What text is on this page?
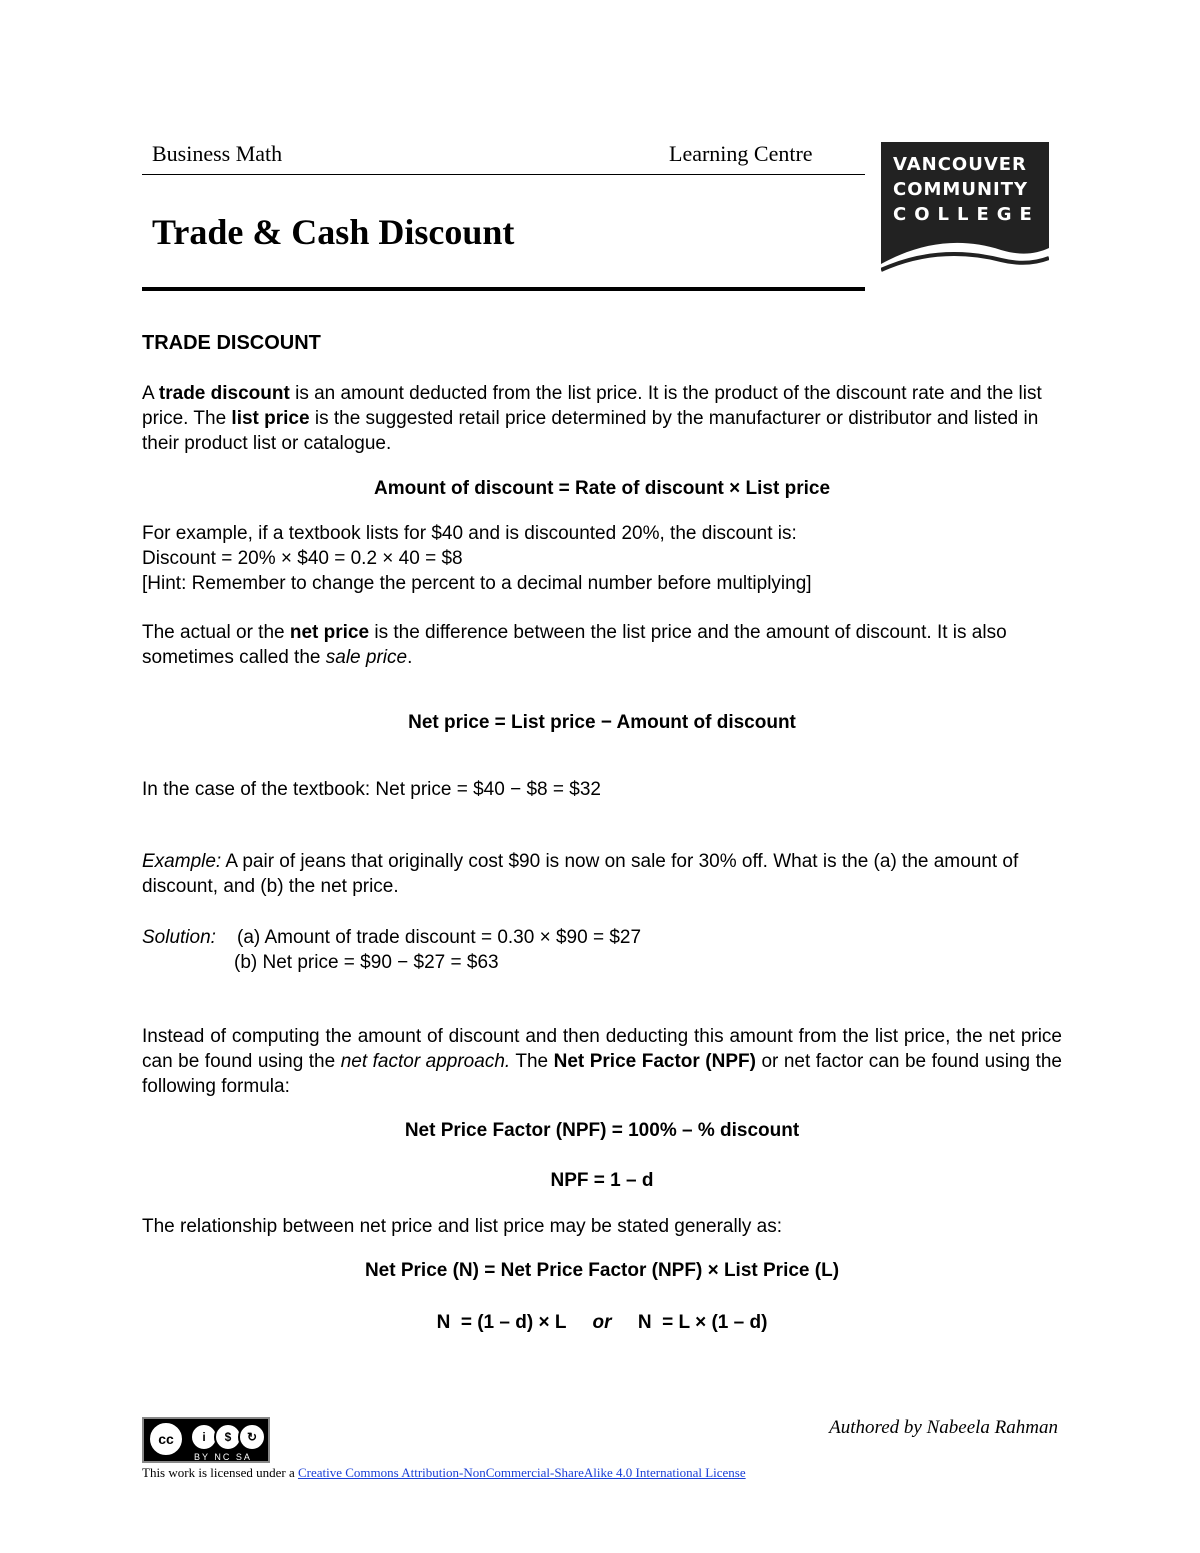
Business Math	Learning Centre
Trade & Cash Discount
VANCOUVER
COMMUNITY
COLLEGE
TRADE DISCOUNT

A trade discount is an amount deducted from the list price. It is the product of the discount rate and the list price. The list price is the suggested retail price determined by the manufacturer or distributor and listed in their product list or catalogue.

Amount of discount = Rate of discount × List price
For example, if a textbook lists for $40 and is discounted 20%, the discount is:
Discount = 20% × $40 = 0.2 × 40 = $8
[Hint: Remember to change the percent to a decimal number before multiplying]

The actual or the net price is the difference between the list price and the amount of discount. It is also sometimes called the sale price.

Net price = List price − Amount of discount
In the case of the textbook: Net price = $40 − $8 = $32

Example: A pair of jeans that originally cost $90 is now on sale for 30% off. What is the (a) the amount of discount, and (b) the net price.

Solution: (a) Amount of trade discount = 0.30 × $90 = $27
(b) Net price = $90 − $27 = $63

Instead of computing the amount of discount and then deducting this amount from the list price, the net price can be found using the net factor approach. The Net Price Factor (NPF) or net factor can be found using the following formula:

Net Price Factor (NPF) = 100% – % discount
NPF = 1 – d
The relationship between net price and list price may be stated generally as:
Net Price (N) = Net Price Factor (NPF) × List Price (L)
N  = (1 – d) × L or N  = L × (1 – d)
cc	i	$	↻
BY NC SA
Authored by Nabeela Rahman
This work is licensed under a Creative Commons Attribution-NonCommercial-ShareAlike 4.0 International License
